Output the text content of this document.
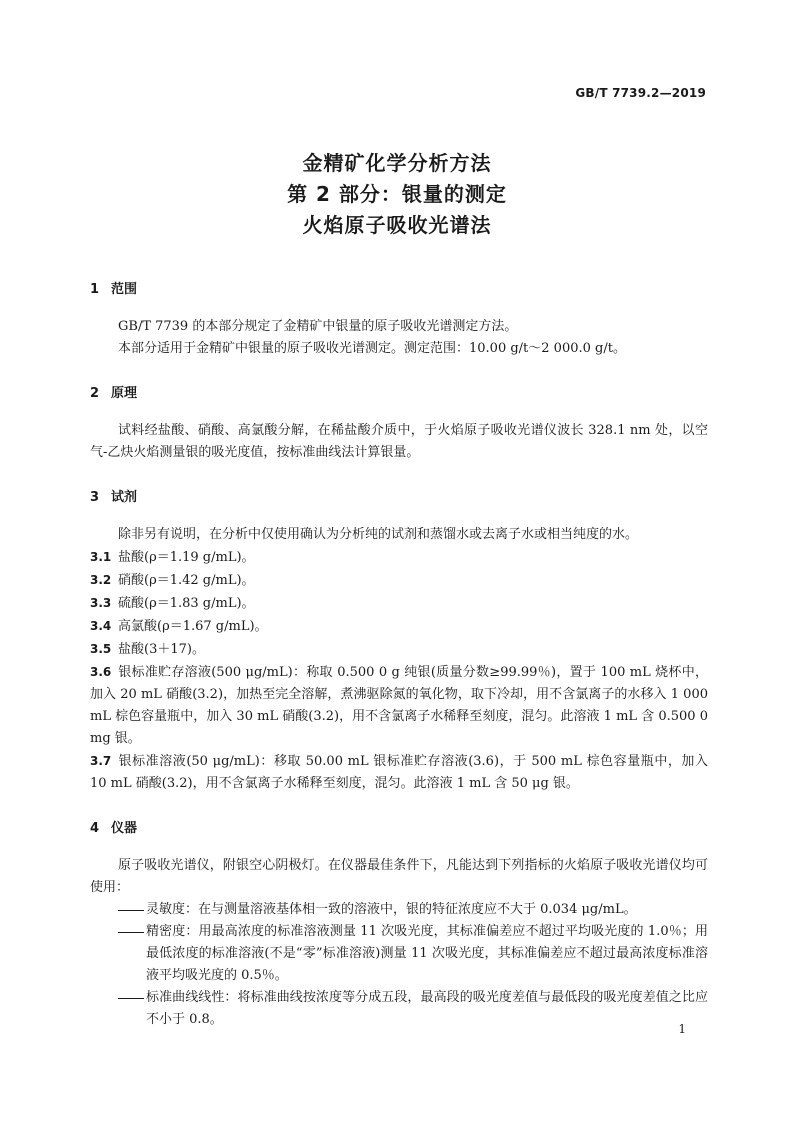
GB/T 7739.2—2019
金精矿化学分析方法
第 2 部分：银量的测定
火焰原子吸收光谱法
1 范围
GB/T 7739 的本部分规定了金精矿中银量的原子吸收光谱测定方法。
本部分适用于金精矿中银量的原子吸收光谱测定。测定范围：10.00 g/t～2 000.0 g/t。
2 原理
试料经盐酸、硝酸、高氯酸分解，在稀盐酸介质中，于火焰原子吸收光谱仪波长 328.1 nm 处，以空气-乙炔火焰测量银的吸光度值，按标准曲线法计算银量。
3 试剂
除非另有说明，在分析中仅使用确认为分析纯的试剂和蒸馏水或去离子水或相当纯度的水。
3.1 盐酸(ρ＝1.19 g/mL)。
3.2 硝酸(ρ＝1.42 g/mL)。
3.3 硫酸(ρ＝1.83 g/mL)。
3.4 高氯酸(ρ＝1.67 g/mL)。
3.5 盐酸(3＋17)。
3.6 银标准贮存溶液(500 μg/mL)：称取 0.500 0 g 纯银(质量分数≥99.99％)，置于 100 mL 烧杯中，加入 20 mL 硝酸(3.2)，加热至完全溶解，煮沸驱除氮的氧化物，取下冷却，用不含氯离子的水移入 1 000 mL 棕色容量瓶中，加入 30 mL 硝酸(3.2)，用不含氯离子水稀释至刻度，混匀。此溶液 1 mL 含 0.500 0 mg 银。
3.7 银标准溶液(50 μg/mL)：移取 50.00 mL 银标准贮存溶液(3.6)，于 500 mL 棕色容量瓶中，加入 10 mL 硝酸(3.2)，用不含氯离子水稀释至刻度，混匀。此溶液 1 mL 含 50 μg 银。
4 仪器
原子吸收光谱仪，附银空心阴极灯。在仪器最佳条件下，凡能达到下列指标的火焰原子吸收光谱仪均可使用：
灵敏度：在与测量溶液基体相一致的溶液中，银的特征浓度应不大于 0.034 μg/mL。
精密度：用最高浓度的标准溶液测量 11 次吸光度，其标准偏差应不超过平均吸光度的 1.0％；用最低浓度的标准溶液(不是“零”标准溶液)测量 11 次吸光度，其标准偏差应不超过最高浓度标准溶液平均吸光度的 0.5％。
标准曲线线性：将标准曲线按浓度等分成五段，最高段的吸光度差值与最低段的吸光度差值之比应不小于 0.8。
1
